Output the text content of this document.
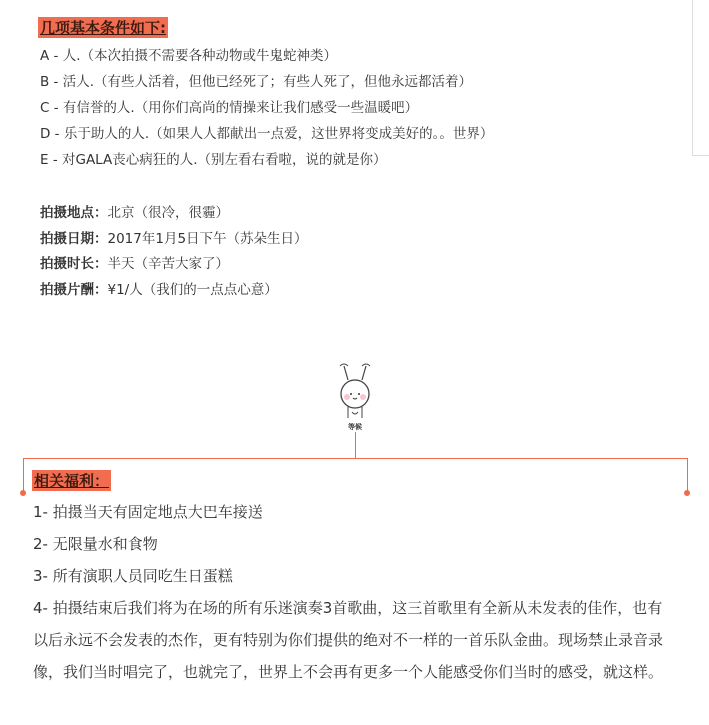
几项基本条件如下:
A - 人.（本次拍摄不需要各种动物或牛鬼蛇神类）
B - 活人.（有些人活着，但他已经死了；有些人死了，但他永远都活着）
C - 有信誉的人.（用你们高尚的情操来让我们感受一些温暖吧）
D - 乐于助人的人.（如果人人都献出一点爱，这世界将变成美好的。。世界）
E - 对GALA丧心病狂的人.（别左看右看啦，说的就是你）
拍摄地点：北京（很冷，很霾）
拍摄日期：2017年1月5日下午（苏朵生日）
拍摄时长：半天（辛苦大家了）
拍摄片酬：¥1/人（我们的一点点心意）
等候
相关福利：
1- 拍摄当天有固定地点大巴车接送
2- 无限量水和食物
3- 所有演职人员同吃生日蛋糕
4- 拍摄结束后我们将为在场的所有乐迷演奏3首歌曲，这三首歌里有全新从未发表的佳作，也有以后永远不会发表的杰作，更有特别为你们提供的绝对不一样的一首乐队金曲。现场禁止录音录像，我们当时唱完了，也就完了，世界上不会再有更多一个人能感受你们当时的感受，就这样。
